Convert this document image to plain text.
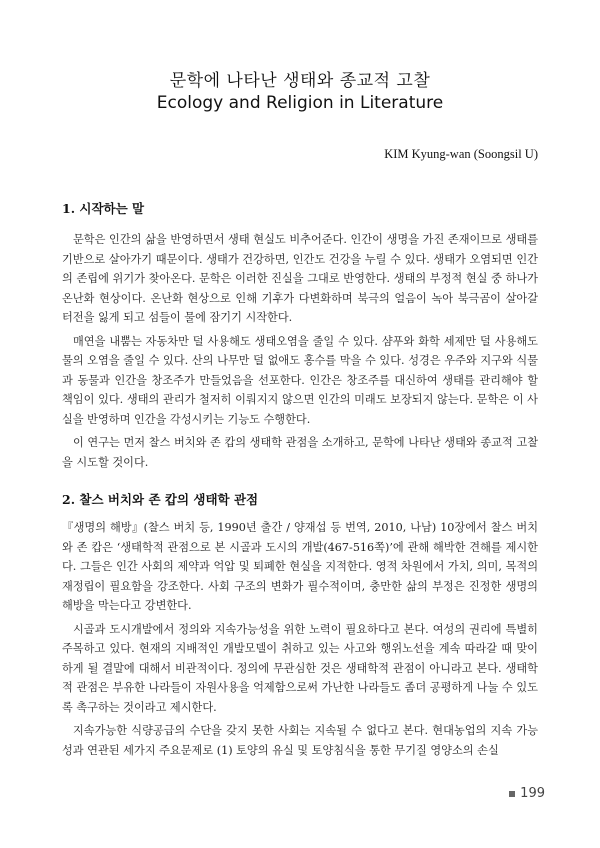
문학에 나타난 생태와 종교적 고찰
Ecology and Religion in Literature
KIM Kyung-wan (Soongsil U)
1. 시작하는 말

문학은 인간의 삶을 반영하면서 생태 현실도 비추어준다. 인간이 생명을 가진 존재이므로 생태를 기반으로 살아가기 때문이다. 생태가 건강하면, 인간도 건강을 누릴 수 있다. 생태가 오염되면 인간의 존립에 위기가 찾아온다. 문학은 이러한 진실을 그대로 반영한다. 생태의 부정적 현실 중 하나가 온난화 현상이다. 온난화 현상으로 인해 기후가 다변화하며 북극의 얼음이 녹아 북극곰이 살아갈 터전을 잃게 되고 섬들이 물에 잠기기 시작한다.

매연을 내뿜는 자동차만 덜 사용해도 생태오염을 줄일 수 있다. 샴푸와 화학 세제만 덜 사용해도 물의 오염을 줄일 수 있다. 산의 나무만 덜 없애도 홍수를 막을 수 있다. 성경은 우주와 지구와 식물과 동물과 인간을 창조주가 만들었음을 선포한다. 인간은 창조주를 대신하여 생태를 관리해야 할 책임이 있다. 생태의 관리가 철저히 이뤄지지 않으면 인간의 미래도 보장되지 않는다. 문학은 이 사실을 반영하며 인간을 각성시키는 기능도 수행한다.

이 연구는 먼저 찰스 버치와 존 캅의 생태학 관점을 소개하고, 문학에 나타난 생태와 종교적 고찰을 시도할 것이다.

2. 찰스 버치와 존 캅의 생태학 관점

『생명의 해방』(찰스 버치 등, 1990년 출간 / 양재섭 등 번역, 2010, 나남) 10장에서 찰스 버치와 존 캅은 ‘생태학적 관점으로 본 시골과 도시의 개발(467-516쪽)’에 관해 해박한 견해를 제시한다. 그들은 인간 사회의 제약과 억압 및 퇴폐한 현실을 지적한다. 영적 차원에서 가치, 의미, 목적의 재정립이 필요함을 강조한다. 사회 구조의 변화가 필수적이며, 충만한 삶의 부정은 진정한 생명의 해방을 막는다고 강변한다.

시골과 도시개발에서 정의와 지속가능성을 위한 노력이 필요하다고 본다. 여성의 권리에 특별히 주목하고 있다. 현재의 지배적인 개발모델이 취하고 있는 사고와 행위노선을 계속 따라갈 때 맞이하게 될 결말에 대해서 비관적이다. 정의에 무관심한 것은 생태학적 관점이 아니라고 본다. 생태학적 관점은 부유한 나라들이 자원사용을 억제함으로써 가난한 나라들도 좀더 공평하게 나눌 수 있도록 촉구하는 것이라고 제시한다.

지속가능한 식량공급의 수단을 갖지 못한 사회는 지속될 수 없다고 본다. 현대농업의 지속 가능성과 연관된 세가지 주요문제로 (1) 토양의 유실 및 토양침식을 통한 무기질 영양소의 손실

199
